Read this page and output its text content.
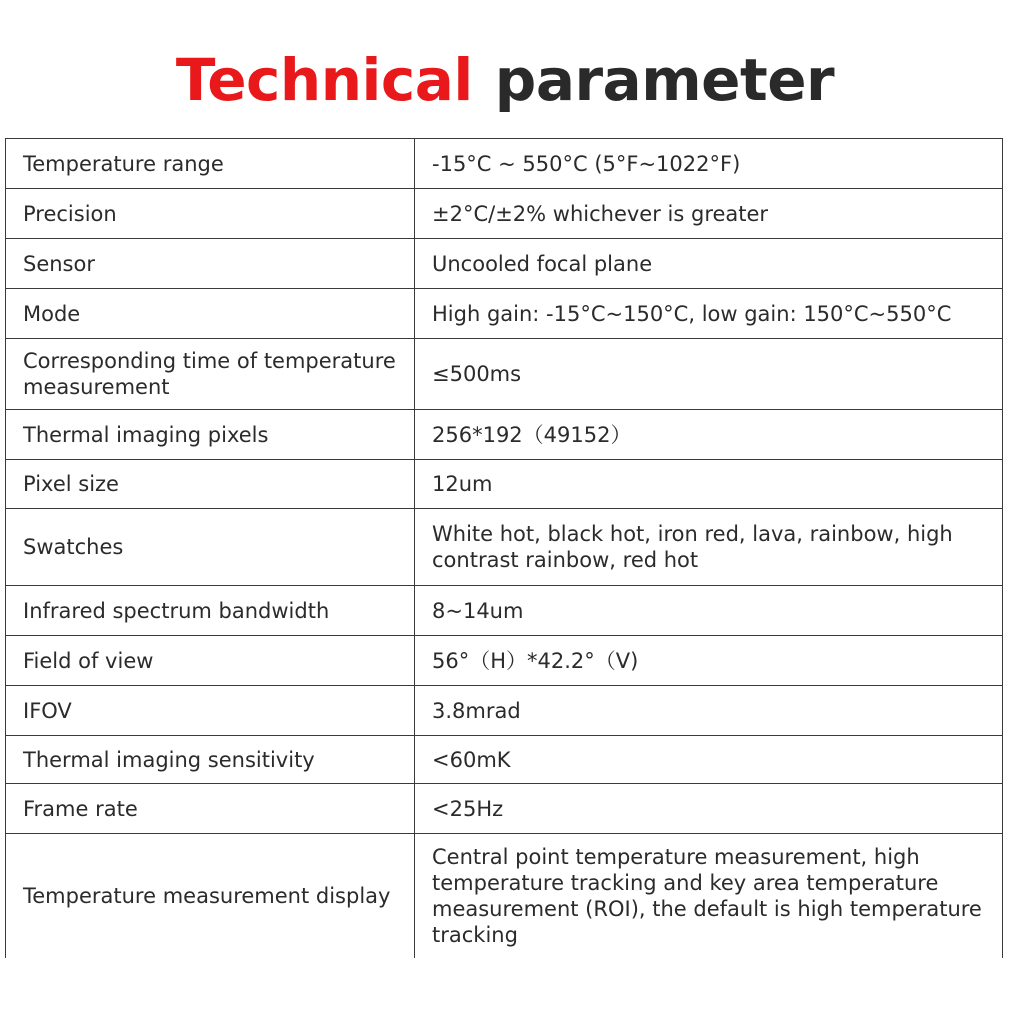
Technical parameter
Temperature range	-15°C ~ 550°C (5°F~1022°F)
Precision	±2°C/±2% whichever is greater
Sensor	Uncooled focal plane
Mode	High gain: -15°C~150°C, low gain: 150°C~550°C
Corresponding time of temperature measurement	≤500ms
Thermal imaging pixels	256*192（49152）
Pixel size	12um
Swatches	White hot, black hot, iron red, lava, rainbow, high contrast rainbow, red hot
Infrared spectrum bandwidth	8~14um
Field of view	56°（H）*42.2°（V)
IFOV	3.8mrad
Thermal imaging sensitivity	<60mK
Frame rate	<25Hz
Temperature measurement display	Central point temperature measurement, high temperature tracking and key area temperature measurement (ROI), the default is high temperature tracking
